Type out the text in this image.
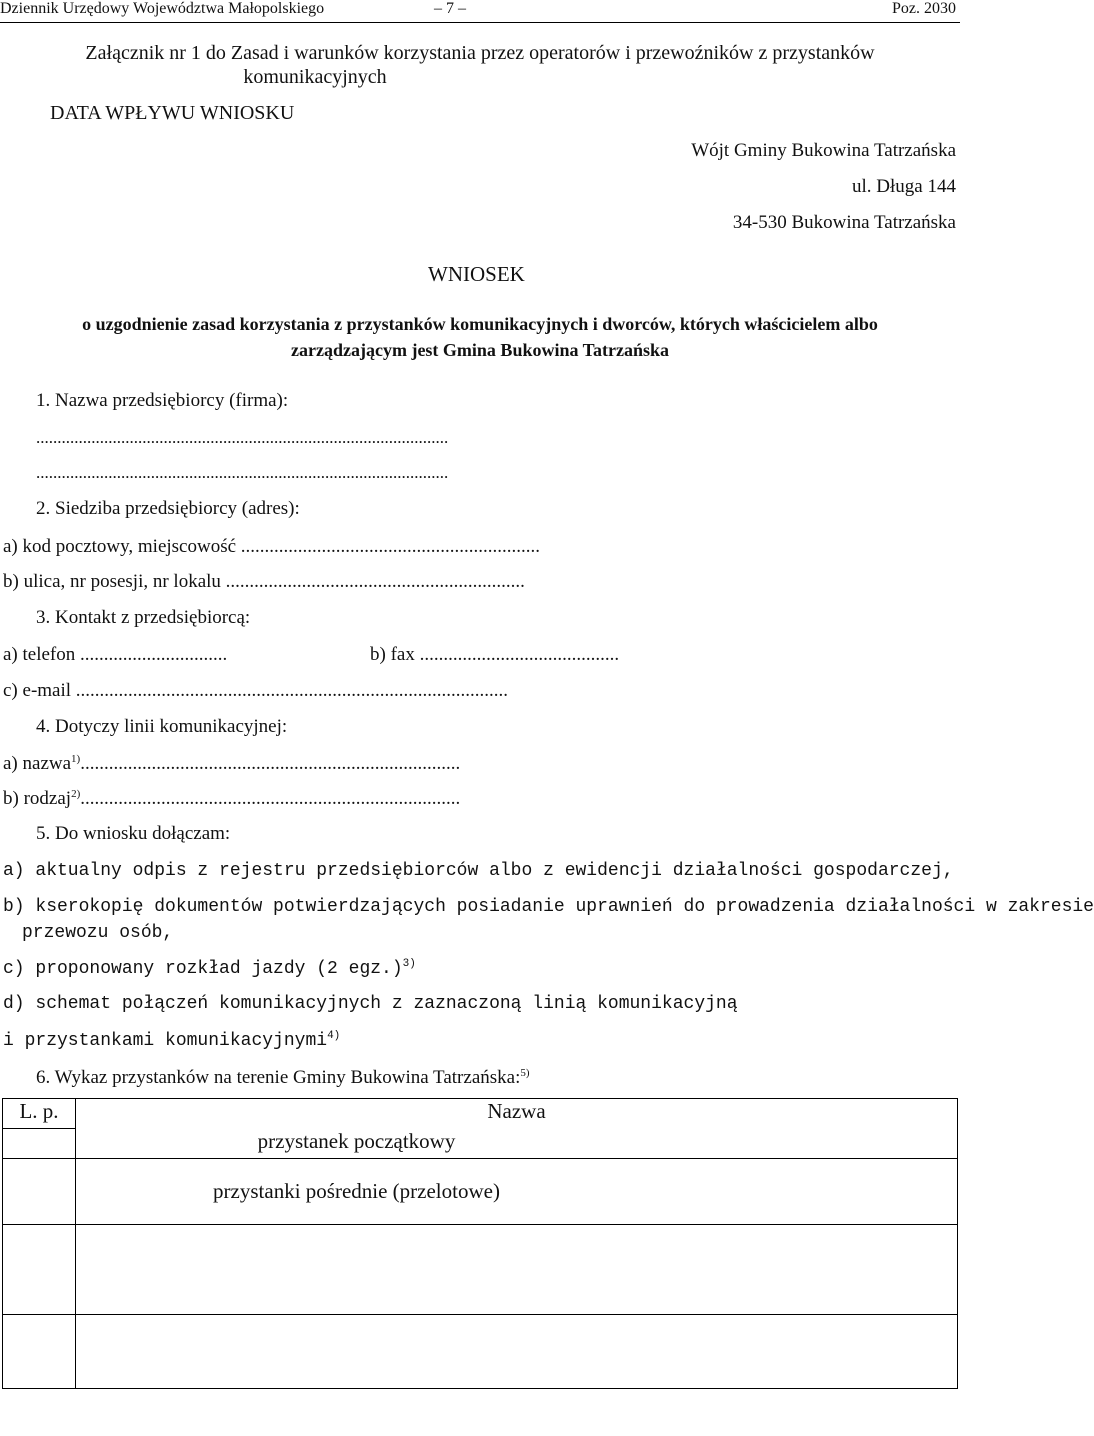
Dziennik Urzędowy Województwa Małopolskiego	– 7 –	Poz. 2030
Załącznik nr 1 do Zasad i warunków korzystania przez operatorów i przewoźników z przystanków
komunikacyjnych
DATA WPŁYWU WNIOSKU
Wójt Gminy Bukowina Tatrzańska
ul. Długa 144
34-530 Bukowina Tatrzańska
WNIOSEK
o uzgodnienie zasad korzystania z przystanków komunikacyjnych i dworców, których właścicielem albo
zarządzającym jest Gmina Bukowina Tatrzańska
1. Nazwa przedsiębiorcy (firma):
.................................................................................................
.................................................................................................
2. Siedziba przedsiębiorcy (adres):
a) kod pocztowy, miejscowość ...............................................................
b) ulica, nr posesji, nr lokalu ...............................................................
3. Kontakt z przedsiębiorcą:
a) telefon ...............................	b) fax ..........................................
c) e-mail ...........................................................................................
4. Dotyczy linii komunikacyjnej:
a) nazwa$^{1)}$................................................................................
b) rodzaj$^{2)}$................................................................................
5. Do wniosku dołączam:
a) aktualny odpis z rejestru przedsiębiorców albo z ewidencji działalności gospodarczej,
b) kserokopię dokumentów potwierdzających posiadanie uprawnień do prowadzenia działalności w zakresie
przewozu osób,
c) proponowany rozkład jazdy (2 egz.)$^{3)}$
d) schemat połączeń komunikacyjnych z zaznaczoną linią komunikacyjną
i przystankami komunikacyjnymi$^{4)}$
6. Wykaz przystanków na terenie Gminy Bukowina Tatrzańska:$^{5)}$
L. p.	Nazwa
	przystanek początkowy
	przystanki pośrednie (przelotowe)
